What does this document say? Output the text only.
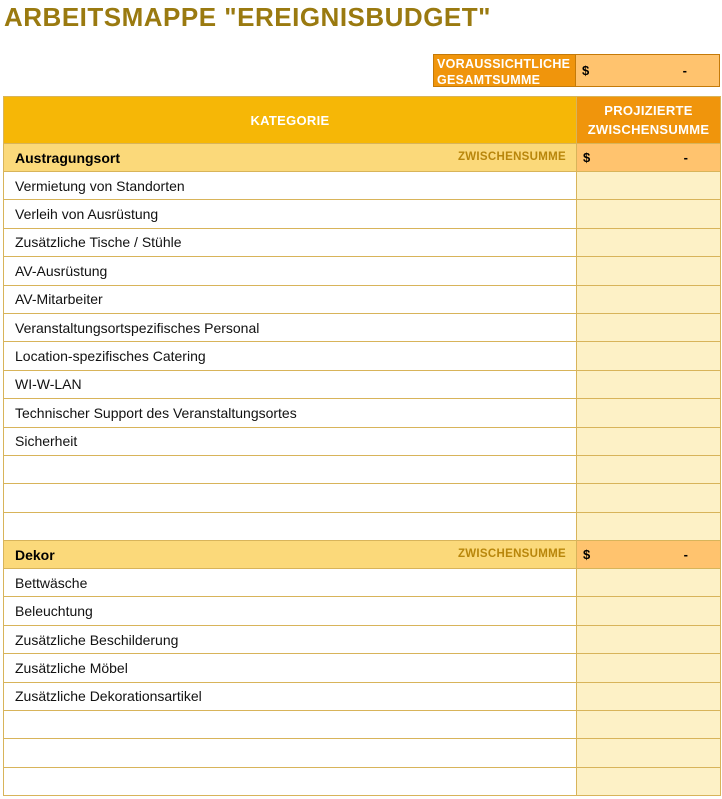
ARBEITSMAPPE "EREIGNISBUDGET"
VORAUSSICHTLICHE GESAMTSUMME
$	-
KATEGORIE	PROJIZIERTE ZWISCHENSUMME
Austragungsort ZWISCHENSUMME	$ -

Vermietung von Standorten	
Verleih von Ausrüstung	
Zusätzliche Tische / Stühle	
AV-Ausrüstung	
AV-Mitarbeiter	
Veranstaltungsortspezifisches Personal	
Location-spezifisches Catering	
WI-W-LAN	
Technischer Support des Veranstaltungsortes	
Sicherheit	

Dekor ZWISCHENSUMME	$ -

Bettwäsche	
Beleuchtung	
Zusätzliche Beschilderung	
Zusätzliche Möbel	
Zusätzliche Dekorationsartikel	
